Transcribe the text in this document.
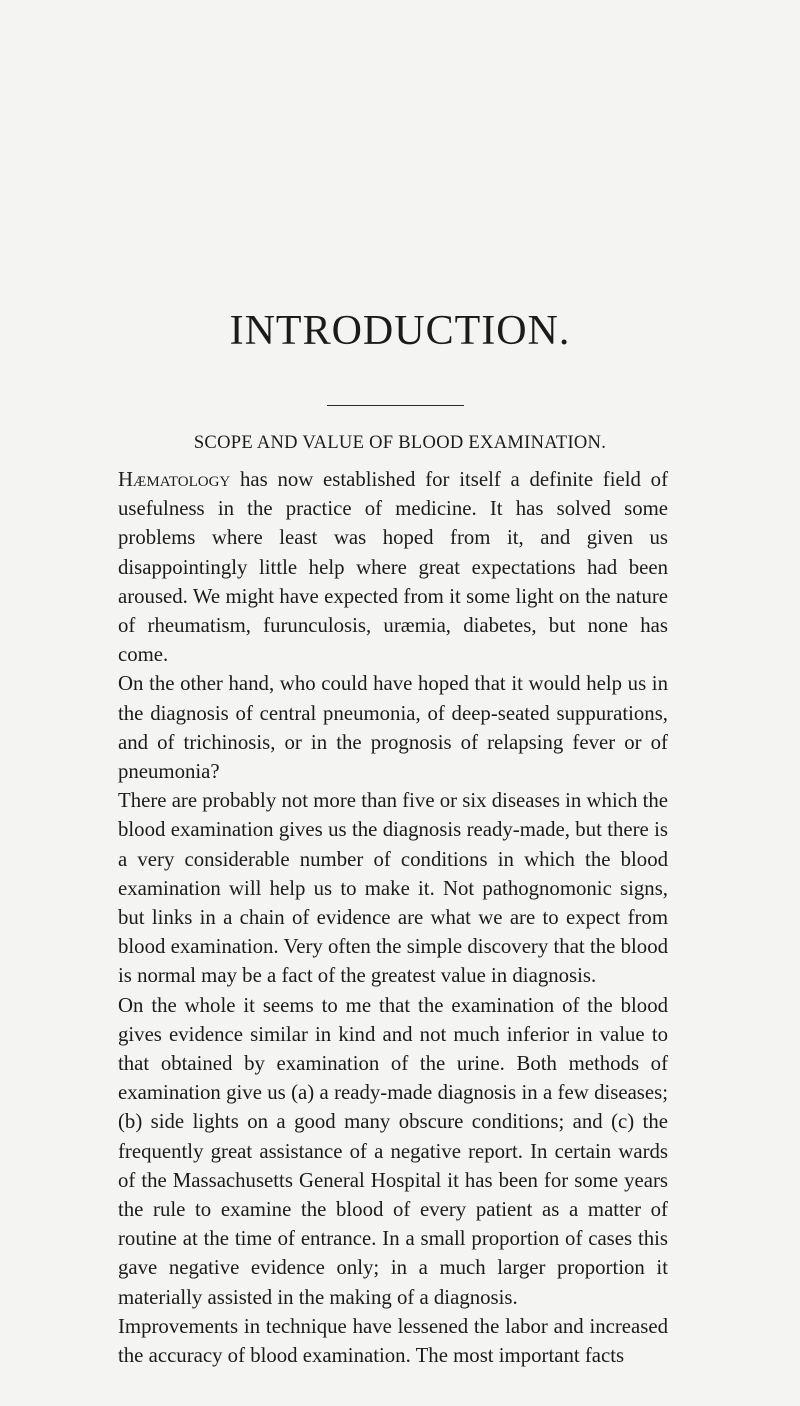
INTRODUCTION.
SCOPE AND VALUE OF BLOOD EXAMINATION.

Hæmatology has now established for itself a definite field of usefulness in the practice of medicine. It has solved some problems where least was hoped from it, and given us disappointingly little help where great expectations had been aroused. We might have expected from it some light on the nature of rheumatism, furunculosis, uræmia, diabetes, but none has come.

On the other hand, who could have hoped that it would help us in the diagnosis of central pneumonia, of deep-seated suppurations, and of trichinosis, or in the prognosis of relapsing fever or of pneumonia?

There are probably not more than five or six diseases in which the blood examination gives us the diagnosis ready-made, but there is a very considerable number of conditions in which the blood examination will help us to make it. Not pathognomonic signs, but links in a chain of evidence are what we are to expect from blood examination. Very often the simple discovery that the blood is normal may be a fact of the greatest value in diagnosis.

On the whole it seems to me that the examination of the blood gives evidence similar in kind and not much inferior in value to that obtained by examination of the urine. Both methods of examination give us (a) a ready-made diagnosis in a few diseases; (b) side lights on a good many obscure conditions; and (c) the frequently great assistance of a negative report. In certain wards of the Massachusetts General Hospital it has been for some years the rule to examine the blood of every patient as a matter of routine at the time of entrance. In a small proportion of cases this gave negative evidence only; in a much larger proportion it materially assisted in the making of a diagnosis.

Improvements in technique have lessened the labor and increased the accuracy of blood examination. The most important facts
